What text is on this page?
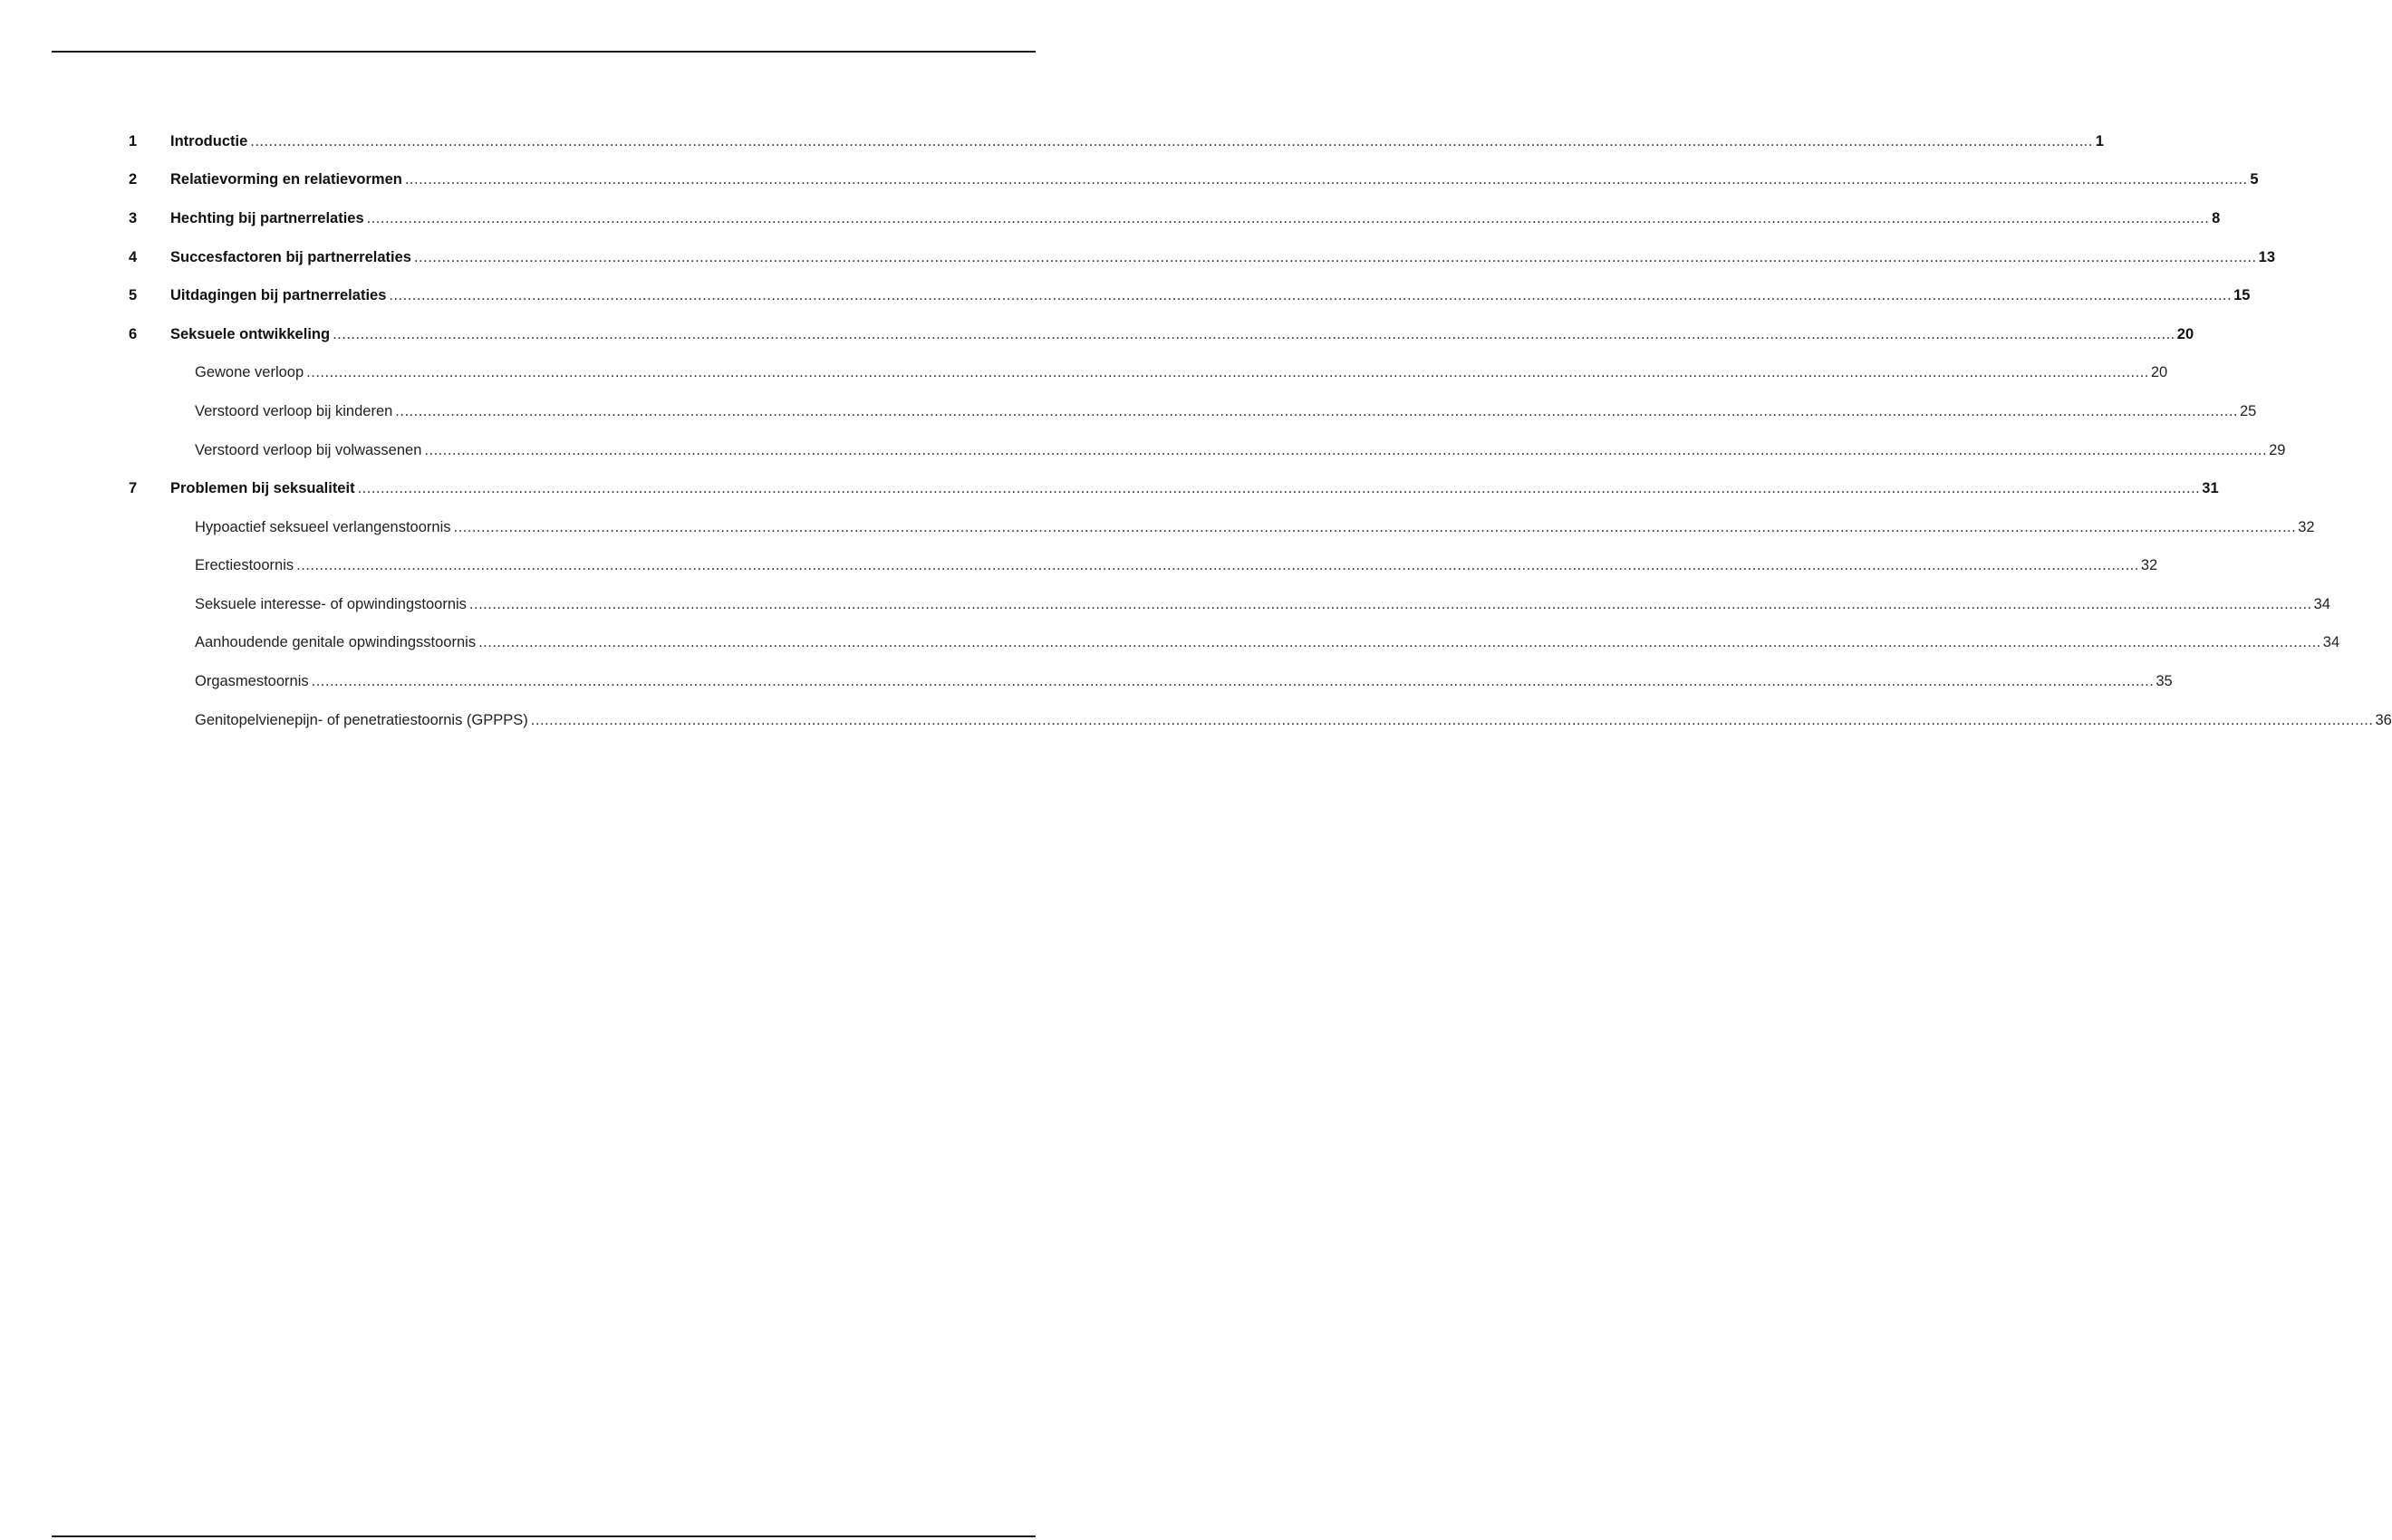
1	Introductie ................................................................................................................................................................................................................................................................................................................................................................................................................ 1
2	Relatievorming en relatievormen ................................................................................................................................................................................................................................................................................................................................................................................................................ 5
3	Hechting bij partnerrelaties ................................................................................................................................................................................................................................................................................................................................................................................................................ 8
4	Succesfactoren bij partnerrelaties ................................................................................................................................................................................................................................................................................................................................................................................................................ 13
5	Uitdagingen bij partnerrelaties ................................................................................................................................................................................................................................................................................................................................................................................................................ 15
6	Seksuele ontwikkeling ................................................................................................................................................................................................................................................................................................................................................................................................................ 20
Gewone verloop ................................................................................................................................................................................................................................................................................................................................................................................................................ 20
Verstoord verloop bij kinderen ................................................................................................................................................................................................................................................................................................................................................................................................................ 25
Verstoord verloop bij volwassenen ................................................................................................................................................................................................................................................................................................................................................................................................................ 29
7	Problemen bij seksualiteit ................................................................................................................................................................................................................................................................................................................................................................................................................ 31
Hypoactief seksueel verlangenstoornis ................................................................................................................................................................................................................................................................................................................................................................................................................ 32
Erectiestoornis ................................................................................................................................................................................................................................................................................................................................................................................................................ 32
Seksuele interesse- of opwindingstoornis ................................................................................................................................................................................................................................................................................................................................................................................................................ 34
Aanhoudende genitale opwindingsstoornis ................................................................................................................................................................................................................................................................................................................................................................................................................ 34
Orgasmestoornis ................................................................................................................................................................................................................................................................................................................................................................................................................ 35
Genitopelvienepijn- of penetratiestoornis (GPPPS) ................................................................................................................................................................................................................................................................................................................................................................................................................ 36
